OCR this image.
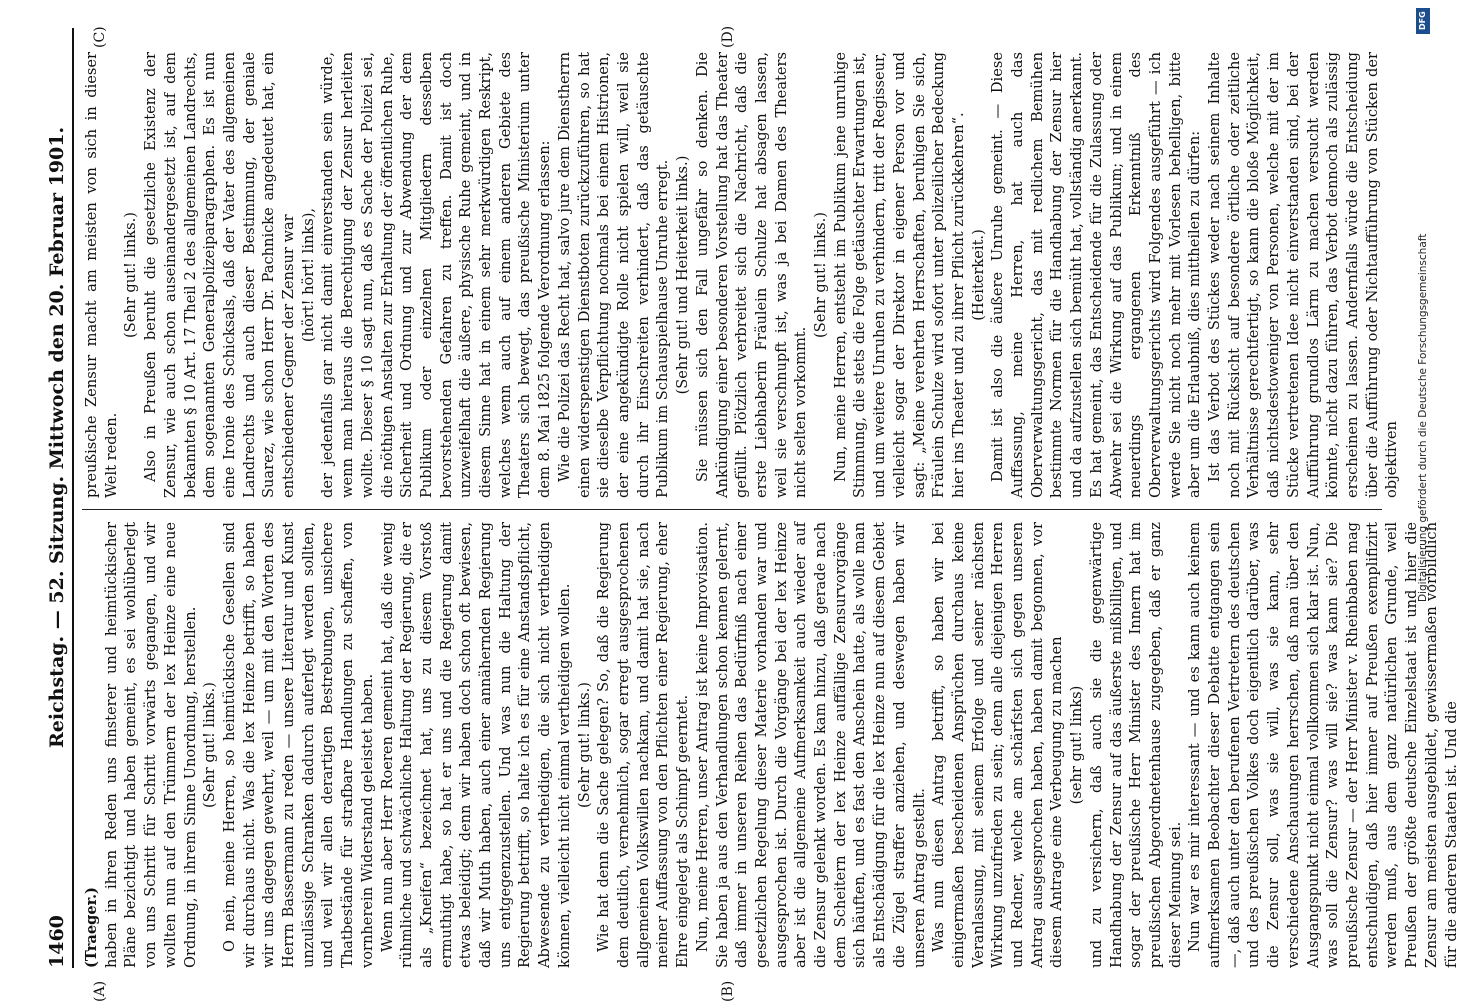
1460
Reichstag. — 52. Sitzung. Mittwoch den 20. Februar 1901.
(A)	(B)
(C)	(D)

(Traeger.) haben in ihren Reden uns finsterer und heimtückischer Pläne bezichtigt und haben gemeint, es sei wohlüberlegt von uns Schritt für Schritt vorwärts gegangen, und wir wollten nun auf den Trümmern der lex Heinze eine neue Ordnung, in ihrem Sinne Unordnung, herstellen. (Sehr gut! links.) O nein, meine Herren, so heimtückische Gesellen sind wir durchaus nicht. Was die lex Heinze betrifft, so haben wir uns dagegen gewehrt, weil — um mit den Worten des Herrn Bassermann zu reden — unsere Literatur und Kunst unzulässige Schranken dadurch auferlegt werden sollten, und weil wir allen derartigen Bestrebungen, unsichere Thatbestände für strafbare Handlungen zu schaffen, von vornherein Widerstand geleistet haben. Wenn nun aber Herr Roeren gemeint hat, daß die wenig rühmliche und schwächliche Haltung der Regierung, die er als „Kneifen“ bezeichnet hat, uns zu diesem Vorstoß ermuthigt habe, so hat er uns und die Regierung damit etwas beleidigt; denn wir haben doch schon oft bewiesen, daß wir Muth haben, auch einer annähernden Regierung uns entgegenzustellen. Und was nun die Haltung der Regierung betrifft, so halte ich es für eine Anstandspflicht, Abwesende zu vertheidigen, die sich nicht vertheidigen können, vielleicht nicht einmal vertheidigen wollen. (Sehr gut! links.) Wie hat denn die Sache gelegen? So, daß die Regierung dem deutlich, vernehmlich, sogar erregt ausgesprochenen allgemeinen Volkswillen nachkam, und damit hat sie, nach meiner Auffassung von den Pflichten einer Regierung, eher Ehre eingelegt als Schimpf geerntet. Nun, meine Herren, unser Antrag ist keine Improvisation. Sie haben ja aus den Verhandlungen schon kennen gelernt, daß immer in unseren Reihen das Bedürfniß nach einer gesetzlichen Regelung dieser Materie vorhanden war und ausgesprochen ist. Durch die Vorgänge bei der lex Heinze aber ist die allgemeine Aufmerksamkeit auch wieder auf die Zensur gelenkt worden. Es kam hinzu, daß gerade nach dem Scheitern der lex Heinze auffällige Zensurvorgänge sich häuften, und es fast den Anschein hatte, als wolle man als Entschädigung für die lex Heinze nun auf diesem Gebiet die Zügel straffer anziehen, und deswegen haben wir unseren Antrag gestellt. Was nun diesen Antrag betrifft, so haben wir bei einigermaßen bescheidenen Ansprüchen durchaus keine Veranlassung, mit seinem Erfolge und seiner nächsten Wirkung unzufrieden zu sein; denn alle diejenigen Herren und Redner, welche am schärfsten sich gegen unseren Antrag ausgesprochen haben, haben damit begonnen, vor diesem Antrage eine Verbeugung zu machen (sehr gut! links) und zu versichern, daß auch sie die gegenwärtige Handhabung der Zensur auf das äußerste mißbilligen, und sogar der preußische Herr Minister des Innern hat im preußischen Abgeordnetenhause zugegeben, daß er ganz dieser Meinung sei. Nun war es mir interessant — und es kann auch keinem aufmerksamen Beobachter dieser Debatte entgangen sein —, daß auch unter den berufenen Vertretern des deutschen und des preußischen Volkes doch eigentlich darüber, was die Zensur soll, was sie will, was sie kann, sehr verschiedene Anschauungen herrschen, daß man über den Ausgangspunkt nicht einmal vollkommen sich klar ist. Nun, was soll die Zensur? was will sie? was kann sie? Die preußische Zensur — der Herr Minister v. Rheinbaben mag entschuldigen, daß hier immer auf Preußen exemplifizirt werden muß, aus dem ganz natürlichen Grunde, weil Preußen der größte deutsche Einzelstaat ist und hier die Zensur am meisten ausgebildet, gewissermaßen vorbildlich für die anderen Staaten ist. Und die

preußische Zensur macht am meisten von sich in dieser Welt reden.

(Sehr gut! links.) Also in Preußen beruht die gesetzliche Existenz der Zensur, wie auch schon auseinandergesetzt ist, auf dem bekannten § 10 Art. 17 Theil 2 des allgemeinen Landrechts, dem sogenannten Generalpolizeiparagraphen. Es ist nun eine Ironie des Schicksals, daß der Vater des allgemeinen Landrechts und auch dieser Bestimmung, der geniale Suarez, wie schon Herr Dr. Pachnicke angedeutet hat, ein entschiedener Gegner der Zensur war (hört! hört! links), der jedenfalls gar nicht damit einverstanden sein würde, wenn man hieraus die Berechtigung der Zensur herleiten wollte. Dieser § 10 sagt nun, daß es Sache der Polizei sei, die nöthigen Anstalten zur Erhaltung der öffentlichen Ruhe, Sicherheit und Ordnung und zur Abwendung der dem Publikum oder einzelnen Mitgliedern desselben bevorstehenden Gefahren zu treffen. Damit ist doch unzweifelhaft die äußere, physische Ruhe gemeint, und in diesem Sinne hat in einem sehr merkwürdigen Reskript, welches wenn auch auf einem anderen Gebiete des Theaters sich bewegt, das preußische Ministerium unter dem 8. Mai 1825 folgende Verordnung erlassen: Wie die Polizei das Recht hat, salvo jure dem Dienstherrn einen widerspenstigen Dienstboten zurückzuführen, so hat sie dieselbe Verpflichtung nochmals bei einem Histrionen, der eine angekündigte Rolle nicht spielen will, weil sie durch ihr Einschreiten verhindert, daß das getäuschte Publikum im Schauspielhause Unruhe erregt. (Sehr gut! und Heiterkeit links.) Sie müssen sich den Fall ungefähr so denken. Die Ankündigung einer besonderen Vorstellung hat das Theater gefüllt. Plötzlich verbreitet sich die Nachricht, daß die erste Liebhaberin Fräulein Schulze hat absagen lassen, weil sie verschnupft ist, was ja bei Damen des Theaters nicht selten vorkommt.

(Sehr gut! links.) Nun, meine Herren, entsteht im Publikum jene unruhige Stimmung, die stets die Folge getäuschter Erwartungen ist, und um weitere Unruhen zu verhindern, tritt der Regisseur, vielleicht sogar der Direktor in eigener Person vor und sagt: „Meine verehrten Herrschaften, beruhigen Sie sich, Fräulein Schulze wird sofort unter polizeilicher Bedeckung hier ins Theater und zu ihrer Pflicht zurückkehren“. (Heiterkeit.) Damit ist also die äußere Unruhe gemeint. — Diese Auffassung, meine Herren, hat auch das Oberverwaltungsgericht, das mit redlichem Bemühen bestimmte Normen für die Handhabung der Zensur hier und da aufzustellen sich bemüht hat, vollständig anerkannt. Es hat gemeint, das Entscheidende für die Zulassung oder Abwehr sei die Wirkung auf das Publikum; und in einem neuerdings ergangenen Erkenntniß des Oberverwaltungsgerichts wird Folgendes ausgeführt — ich werde Sie nicht noch mehr mit Vorlesen behelligen, bitte aber um die Erlaubniß, dies mittheilen zu dürfen: Ist das Verbot des Stückes weder nach seinem Inhalte noch mit Rücksicht auf besondere örtliche oder zeitliche Verhältnisse gerechtfertigt, so kann die bloße Möglichkeit, daß nichtsdestoweniger von Personen, welche mit der im Stücke vertretenen Idee nicht einverstanden sind, bei der Aufführung grundlos Lärm zu machen versucht werden könnte, nicht dazu führen, das Verbot dennoch als zulässig erscheinen zu lassen. Andernfalls würde die Entscheidung über die Aufführung oder Nichtaufführung von Stücken der objektiven

DFG
Digitalisierung gefördert durch die Deutsche Forschungsgemeinschaft
